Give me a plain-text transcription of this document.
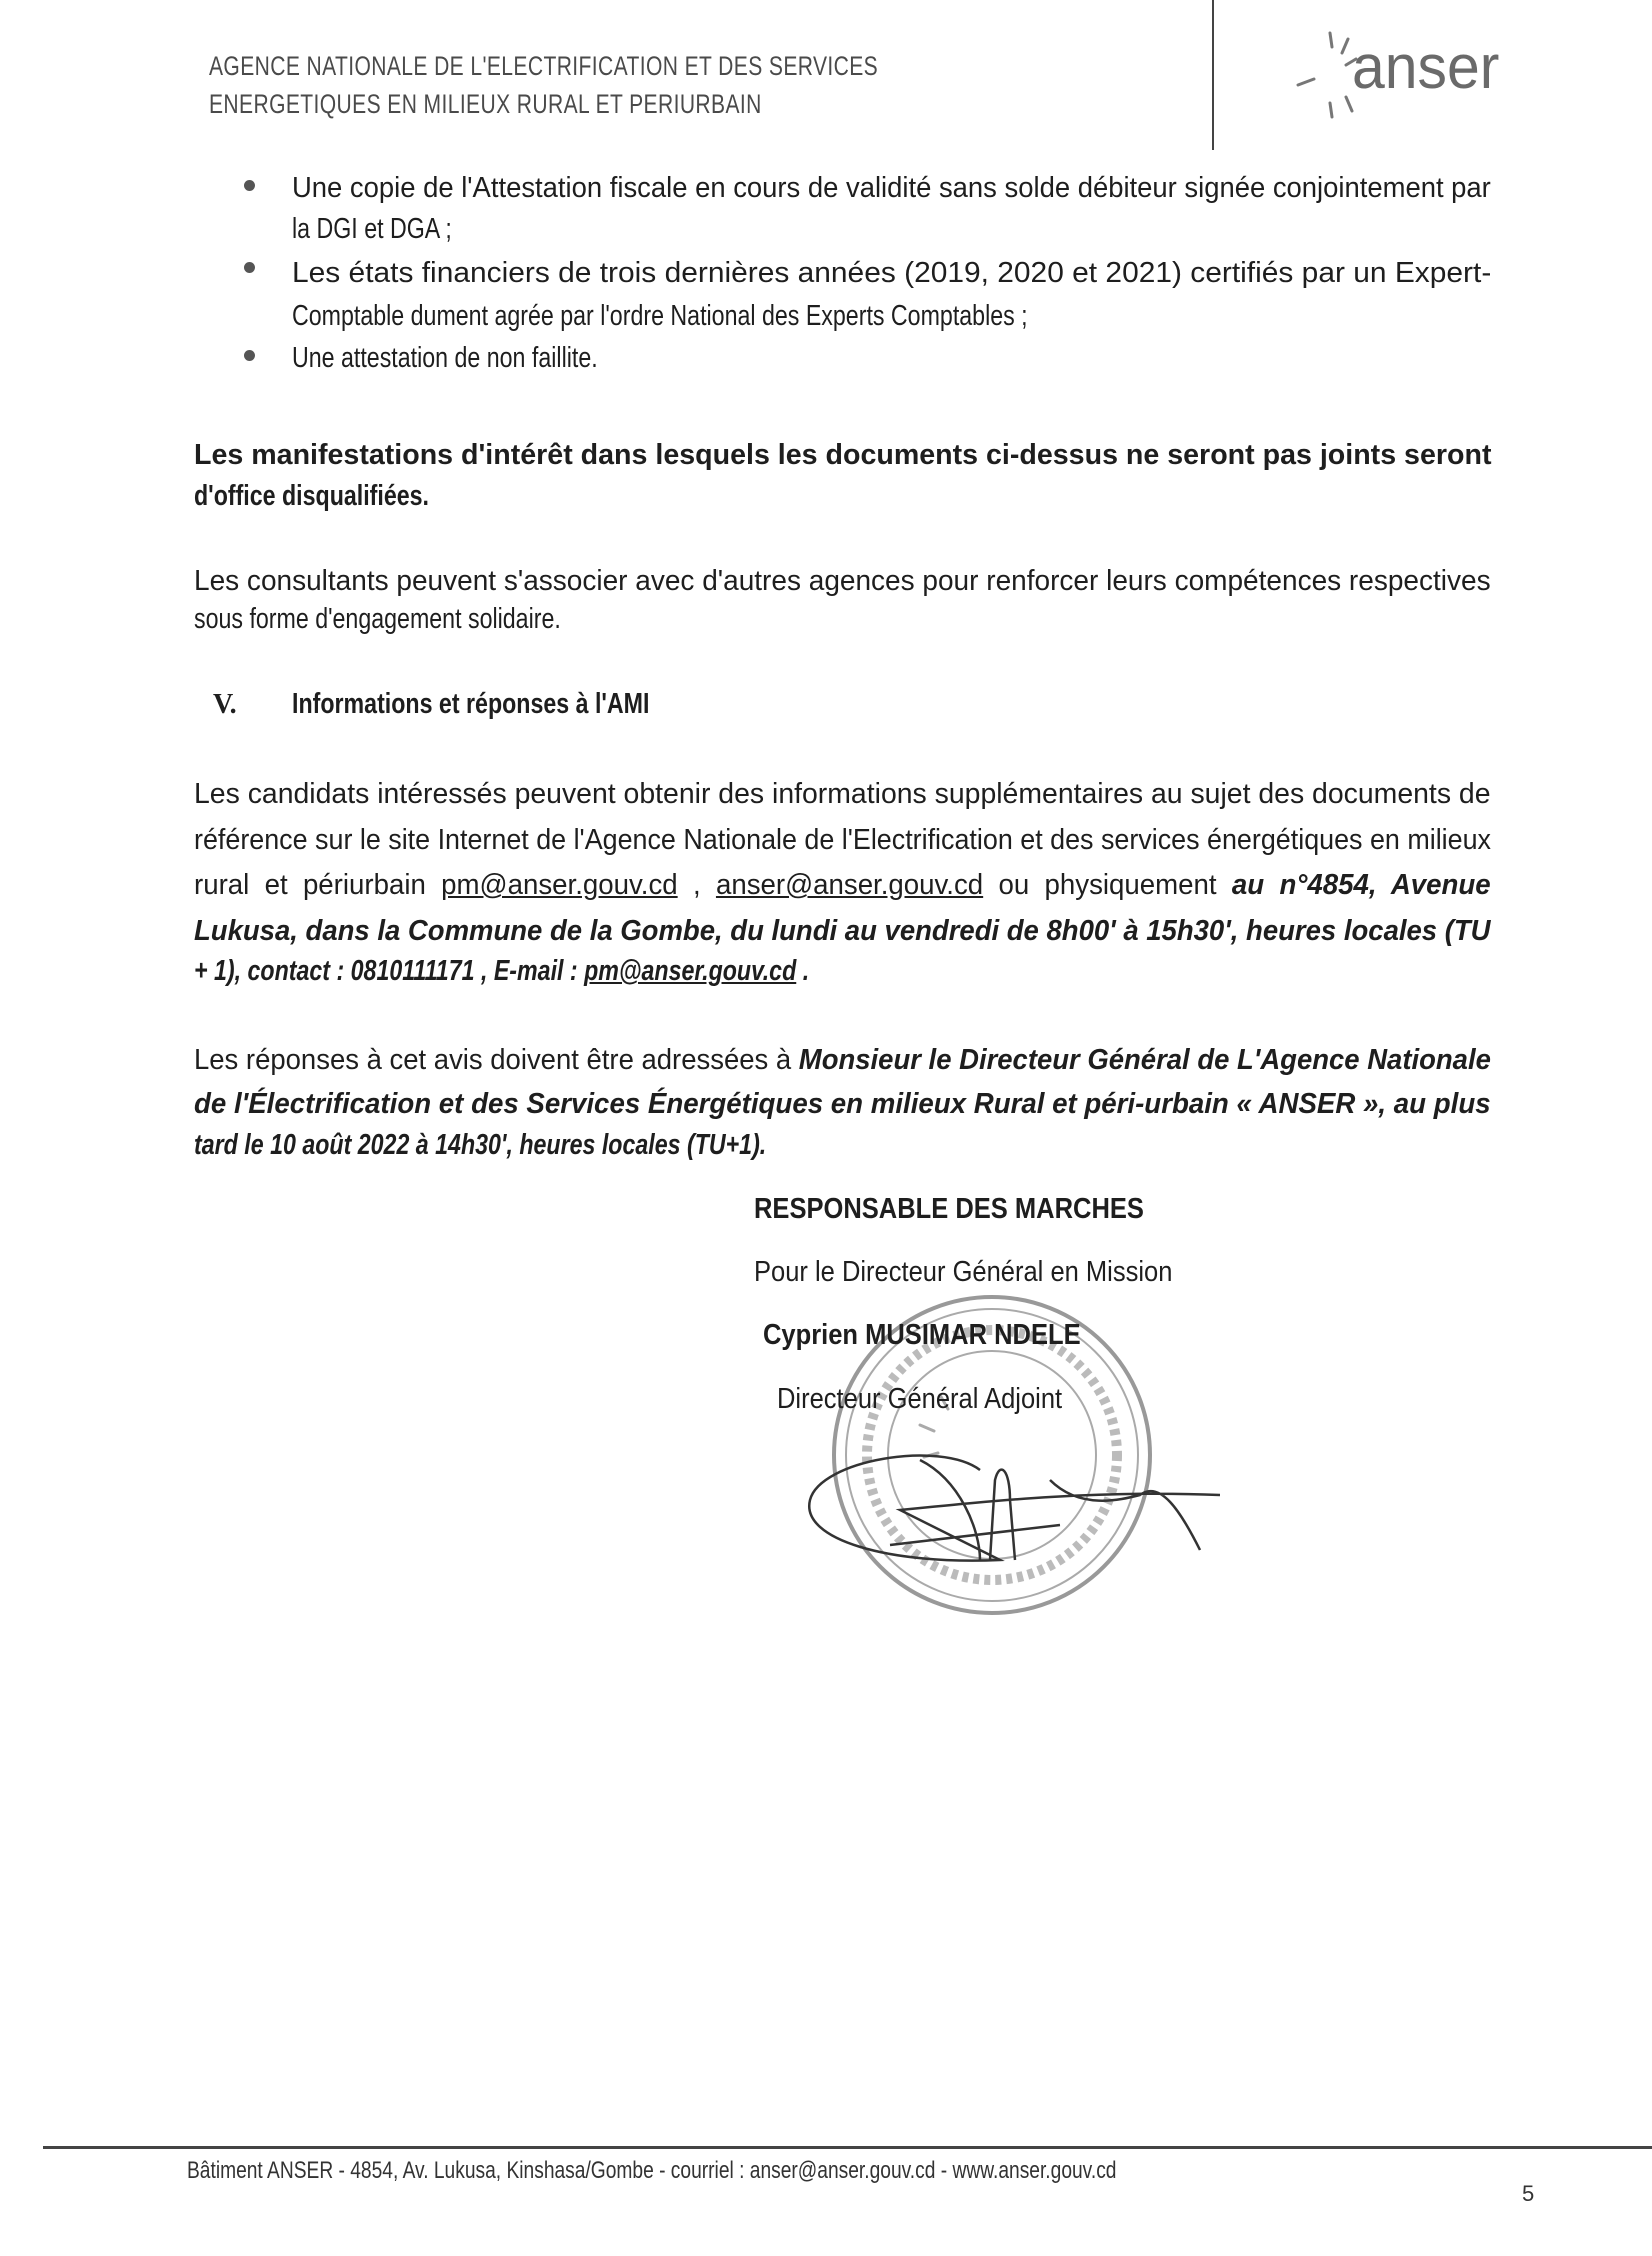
AGENCE NATIONALE DE L'ELECTRIFICATION ET DES SERVICES
ENERGETIQUES EN MILIEUX RURAL ET PERIURBAIN
anser
Une copie de l'Attestation fiscale en cours de validité sans solde débiteur signée conjointement par
la DGI et DGA ;
Les états financiers de trois dernières années (2019, 2020 et 2021) certifiés par un Expert-
Comptable dument agrée par l'ordre National des Experts Comptables ;
Une attestation de non faillite.
Les manifestations d'intérêt dans lesquels les documents ci-dessus ne seront pas joints seront
d'office disqualifiées.
Les consultants peuvent s'associer avec d'autres agences pour renforcer leurs compétences respectives
sous forme d'engagement solidaire.
V. Informations et réponses à l'AMI
Les candidats intéressés peuvent obtenir des informations supplémentaires au sujet des documents de
référence sur le site Internet de l'Agence Nationale de l'Electrification et des services énergétiques en milieux
rural et périurbain pm@anser.gouv.cd , anser@anser.gouv.cd ou physiquement au n°4854, Avenue
Lukusa, dans la Commune de la Gombe, du lundi au vendredi de 8h00' à 15h30', heures locales (TU
+ 1), contact : 0810111171 , E-mail : pm@anser.gouv.cd .
Les réponses à cet avis doivent être adressées à Monsieur le Directeur Général de L'Agence Nationale
de l'Électrification et des Services Énergétiques en milieux Rural et péri-urbain « ANSER », au plus
tard le 10 août 2022 à 14h30', heures locales (TU+1).
RESPONSABLE DES MARCHES
Pour le Directeur Général en Mission
Cyprien MUSIMAR NDELE
Directeur Général Adjoint
Bâtiment ANSER - 4854, Av. Lukusa, Kinshasa/Gombe - courriel : anser@anser.gouv.cd - www.anser.gouv.cd
5
